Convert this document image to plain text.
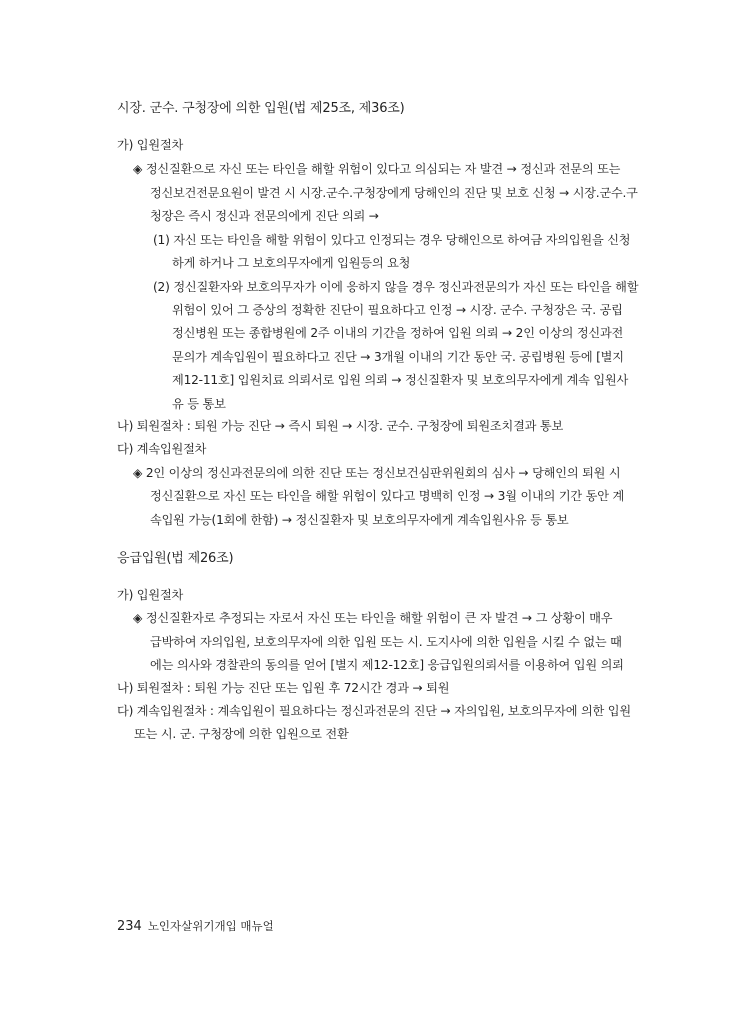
시장. 군수. 구청장에 의한 입원(법 제25조, 제36조)
가) 입원절차
◈ 정신질환으로 자신 또는 타인을 해할 위험이 있다고 의심되는 자 발견 → 정신과 전문의 또는
정신보건전문요원이 발견 시 시장.군수.구청장에게 당해인의 진단 및 보호 신청 → 시장.군수.구
청장은 즉시 정신과 전문의에게 진단 의뢰 →
(1) 자신 또는 타인을 해할 위험이 있다고 인정되는 경우 당해인으로 하여금 자의입원을 신청
하게 하거나 그 보호의무자에게 입원등의 요청
(2) 정신질환자와 보호의무자가 이에 응하지 않을 경우 정신과전문의가 자신 또는 타인을 해할
위험이 있어 그 증상의 정확한 진단이 필요하다고 인정 → 시장. 군수. 구청장은 국. 공립
정신병원 또는 종합병원에 2주 이내의 기간을 정하여 입원 의뢰 → 2인 이상의 정신과전
문의가 계속입원이 필요하다고 진단 → 3개월 이내의 기간 동안 국. 공립병원 등에 [별지
제12-11호] 입원치료 의뢰서로 입원 의뢰 → 정신질환자 및 보호의무자에게 계속 입원사
유 등 통보
나) 퇴원절차 : 퇴원 가능 진단 → 즉시 퇴원 → 시장. 군수. 구청장에 퇴원조치결과 통보
다) 계속입원절차
◈ 2인 이상의 정신과전문의에 의한 진단 또는 정신보건심판위원회의 심사 → 당해인의 퇴원 시
정신질환으로 자신 또는 타인을 해할 위험이 있다고 명백히 인정 → 3월 이내의 기간 동안 계
속입원 가능(1회에 한함) → 정신질환자 및 보호의무자에게 계속입원사유 등 통보
응급입원(법 제26조)
가) 입원절차
◈ 정신질환자로 추정되는 자로서 자신 또는 타인을 해할 위험이 큰 자 발견 → 그 상황이 매우
급박하여 자의입원, 보호의무자에 의한 입원 또는 시. 도지사에 의한 입원을 시킬 수 없는 때
에는 의사와 경찰관의 동의를 얻어 [별지 제12-12호] 응급입원의뢰서를 이용하여 입원 의뢰
나) 퇴원절차 : 퇴원 가능 진단 또는 입원 후 72시간 경과 → 퇴원
다) 계속입원절차 : 계속입원이 필요하다는 정신과전문의 진단 → 자의입원, 보호의무자에 의한 입원
또는 시. 군. 구청장에 의한 입원으로 전환
234 노인자살위기개입 매뉴얼
